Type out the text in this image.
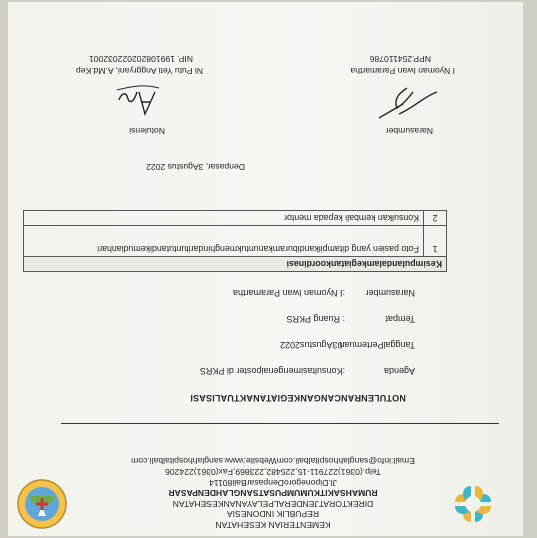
KEMENTERIAN KESEHATAN
REPUBLIK INDONESIA
DIREKTORATJENDERALPELAYANANKESEHATAN
RUMAHSAKITKUMUMPUSATSANGLAHDENPASAR
Jl.DiponegoroDenpasarBali80114
Telp.(0361)227911-15,225482,223869,Fax(0361)224206
Email:info@sanglahhospitalbali.comWebsite:www.sanglahhospitalbali.com
NOTULENRANCANGANKEGIATANAKTUALISASI
Agenda
:Konsultasimengenaiposter di PKRS
TanggalPertemuan
:03Agustus2022
Tempat
: Ruang PKRS
Narasumber
:I Nyoman Iwan Paramartha
Kesimpulandalamkegiatankoordinasi	
1	Foto pasien yang ditampilkandiburamkanuntukmenghindarituntutandikemudianhari
2	Konsulkan kembali kepada mentor
Denpasar, 3Agustus 2022
Narasumber
I Nyoman Iwan Paramartha
NPP.2541107​86
Notulensi
Ni Putu Yeti Anggryani, A.Md.Kep
NIP. 199108202022032001
